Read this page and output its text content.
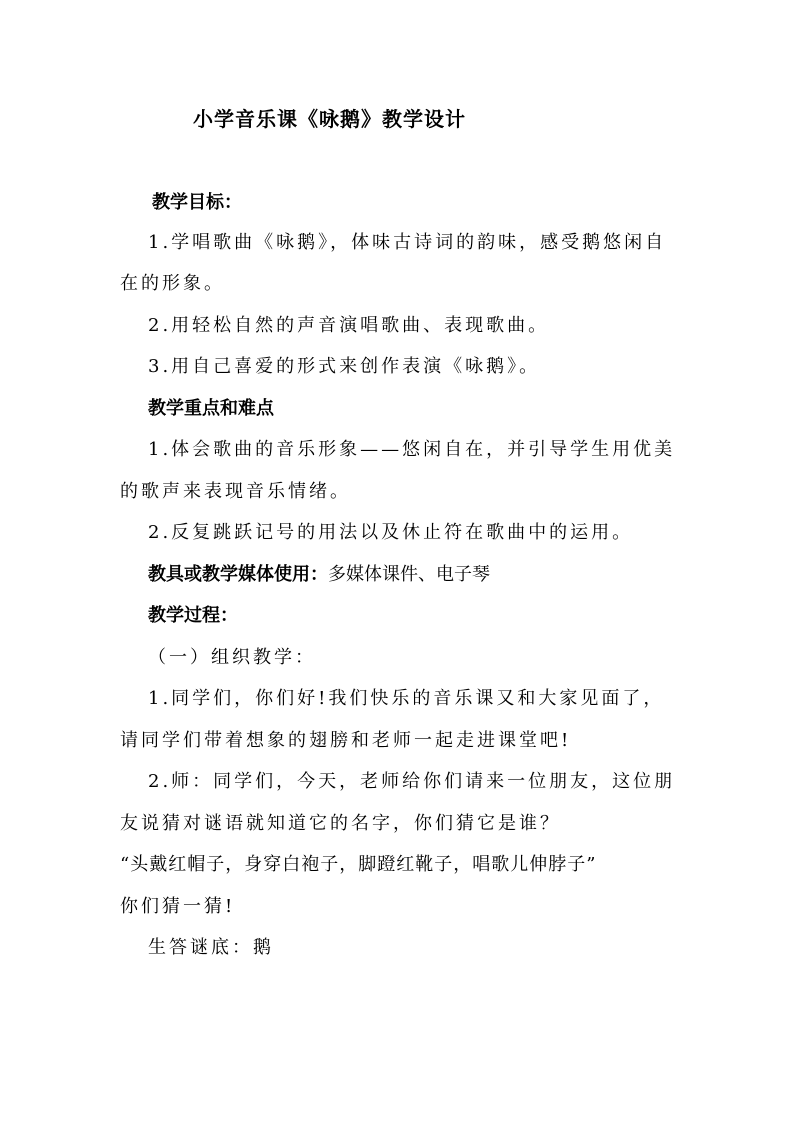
小学音乐课《咏鹅》教学设计
教学目标：
1.学唱歌曲《咏鹅》，体味古诗词的韵味，感受鹅悠闲自
在的形象。
2.用轻松自然的声音演唱歌曲、表现歌曲。
3.用自己喜爱的形式来创作表演《咏鹅》。
教学重点和难点
1.体会歌曲的音乐形象——悠闲自在，并引导学生用优美
的歌声来表现音乐情绪。
2.反复跳跃记号的用法以及休止符在歌曲中的运用。
教具或教学媒体使用：多媒体课件、电子琴
教学过程：
（一）组织教学：
1.同学们，你们好!我们快乐的音乐课又和大家见面了，
请同学们带着想象的翅膀和老师一起走进课堂吧!
2.师：同学们，今天，老师给你们请来一位朋友，这位朋
友说猜对谜语就知道它的名字，你们猜它是谁？
“头戴红帽子，身穿白袍子，脚蹬红靴子，唱歌儿伸脖子”
你们猜一猜!
生答谜底：鹅
